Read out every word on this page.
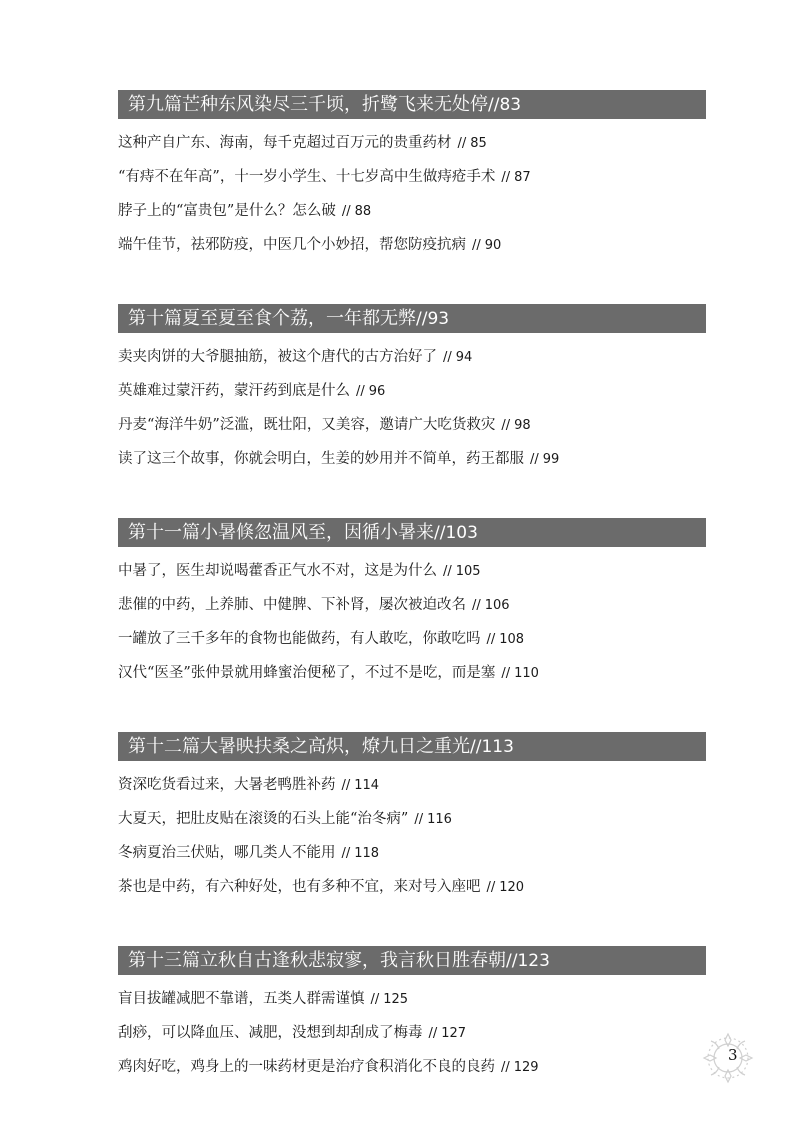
第九篇芒种东风染尽三千顷，折鹭飞来无处停//83
这种产自广东、海南，每千克超过百万元的贵重药材 // 85
“有痔不在年高”，十一岁小学生、十七岁高中生做痔疮手术 // 87
脖子上的“富贵包”是什么？怎么破 // 88
端午佳节，祛邪防疫，中医几个小妙招，帮您防疫抗病 // 90
第十篇夏至夏至食个荔，一年都无弊//93
卖夹肉饼的大爷腿抽筋，被这个唐代的古方治好了 // 94
英雄难过蒙汗药，蒙汗药到底是什么 // 96
丹麦“海洋牛奶”泛滥，既壮阳，又美容，邀请广大吃货救灾 // 98
读了这三个故事，你就会明白，生姜的妙用并不简单，药王都服 // 99
第十一篇小暑倏忽温风至，因循小暑来//103
中暑了，医生却说喝藿香正气水不对，这是为什么 // 105
悲催的中药，上养肺、中健脾、下补肾，屡次被迫改名 // 106
一罐放了三千多年的食物也能做药，有人敢吃，你敢吃吗 // 108
汉代“医圣”张仲景就用蜂蜜治便秘了，不过不是吃，而是塞 // 110
第十二篇大暑映扶桑之高炽，燎九日之重光//113
资深吃货看过来，大暑老鸭胜补药 // 114
大夏天，把肚皮贴在滚烫的石头上能“治冬病” // 116
冬病夏治三伏贴，哪几类人不能用 // 118
茶也是中药，有六种好处，也有多种不宜，来对号入座吧 // 120
第十三篇立秋自古逢秋悲寂寥，我言秋日胜春朝//123
盲目拔罐减肥不靠谱，五类人群需谨慎 // 125
刮痧，可以降血压、减肥，没想到却刮成了梅毒 // 127
鸡肉好吃，鸡身上的一味药材更是治疗食积消化不良的良药 // 129
3
